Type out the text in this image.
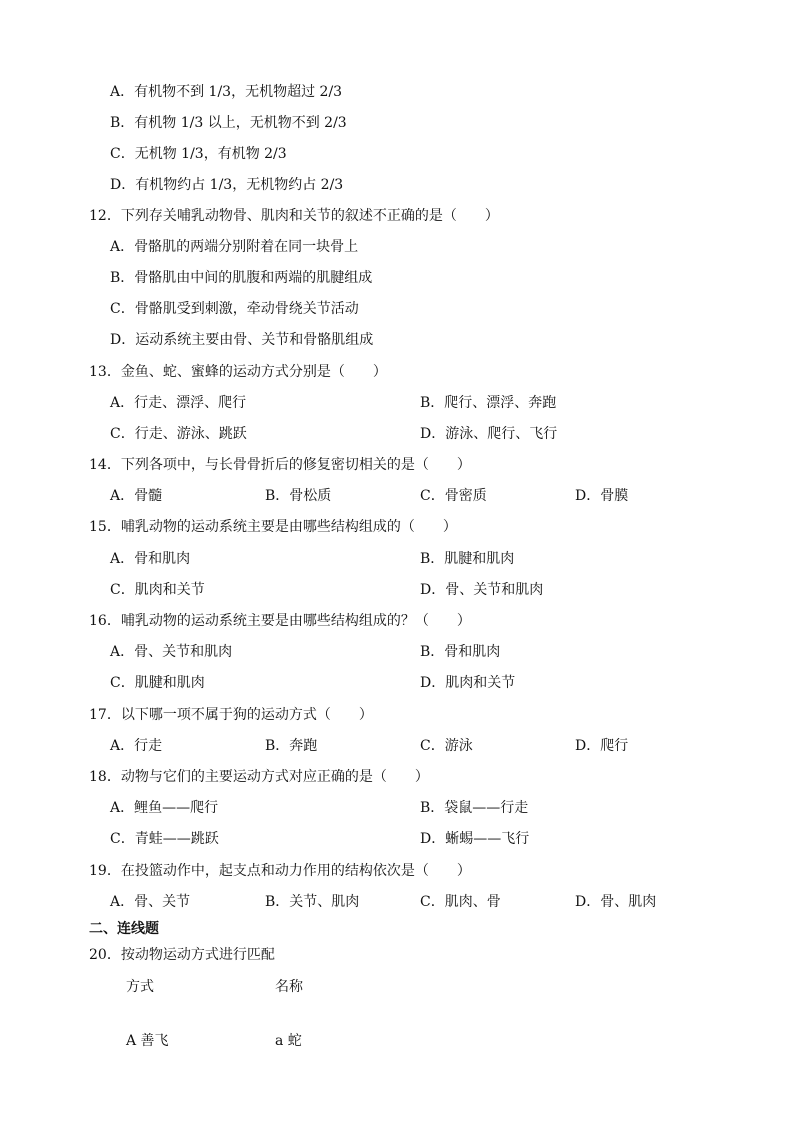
A．有机物不到 1/3，无机物超过 2/3
B．有机物 1/3 以上，无机物不到 2/3
C．无机物 1/3，有机物 2/3
D．有机物约占 1/3，无机物约占 2/3
12．下列存关哺乳动物骨、肌肉和关节的叙述不正确的是（　　）
A．骨骼肌的两端分别附着在同一块骨上
B．骨骼肌由中间的肌腹和两端的肌腱组成
C．骨骼肌受到刺激，牵动骨绕关节活动
D．运动系统主要由骨、关节和骨骼肌组成
13．金鱼、蛇、蜜蜂的运动方式分别是（　　）
A．行走、漂浮、爬行	B．爬行、漂浮、奔跑
C．行走、游泳、跳跃	D．游泳、爬行、飞行
14．下列各项中，与长骨骨折后的修复密切相关的是（　　）
A．骨髓	B．骨松质	C．骨密质	D．骨膜
15．哺乳动物的运动系统主要是由哪些结构组成的（　　）
A．骨和肌肉	B．肌腱和肌肉
C．肌肉和关节	D．骨、关节和肌肉
16．哺乳动物的运动系统主要是由哪些结构组成的？（　　）
A．骨、关节和肌肉	B．骨和肌肉
C．肌腱和肌肉	D．肌肉和关节
17．以下哪一项不属于狗的运动方式（　　）
A．行走	B．奔跑	C．游泳	D．爬行
18．动物与它们的主要运动方式对应正确的是（　　）
A．鲤鱼——爬行	B．袋鼠——行走
C．青蛙——跳跃	D．蜥蜴——飞行
19．在投篮动作中，起支点和动力作用的结构依次是（　　）
A．骨、关节	B．关节、肌肉	C．肌肉、骨	D．骨、肌肉
二、连线题
20．按动物运动方式进行匹配
方式	名称
A 善飞	a 蛇
